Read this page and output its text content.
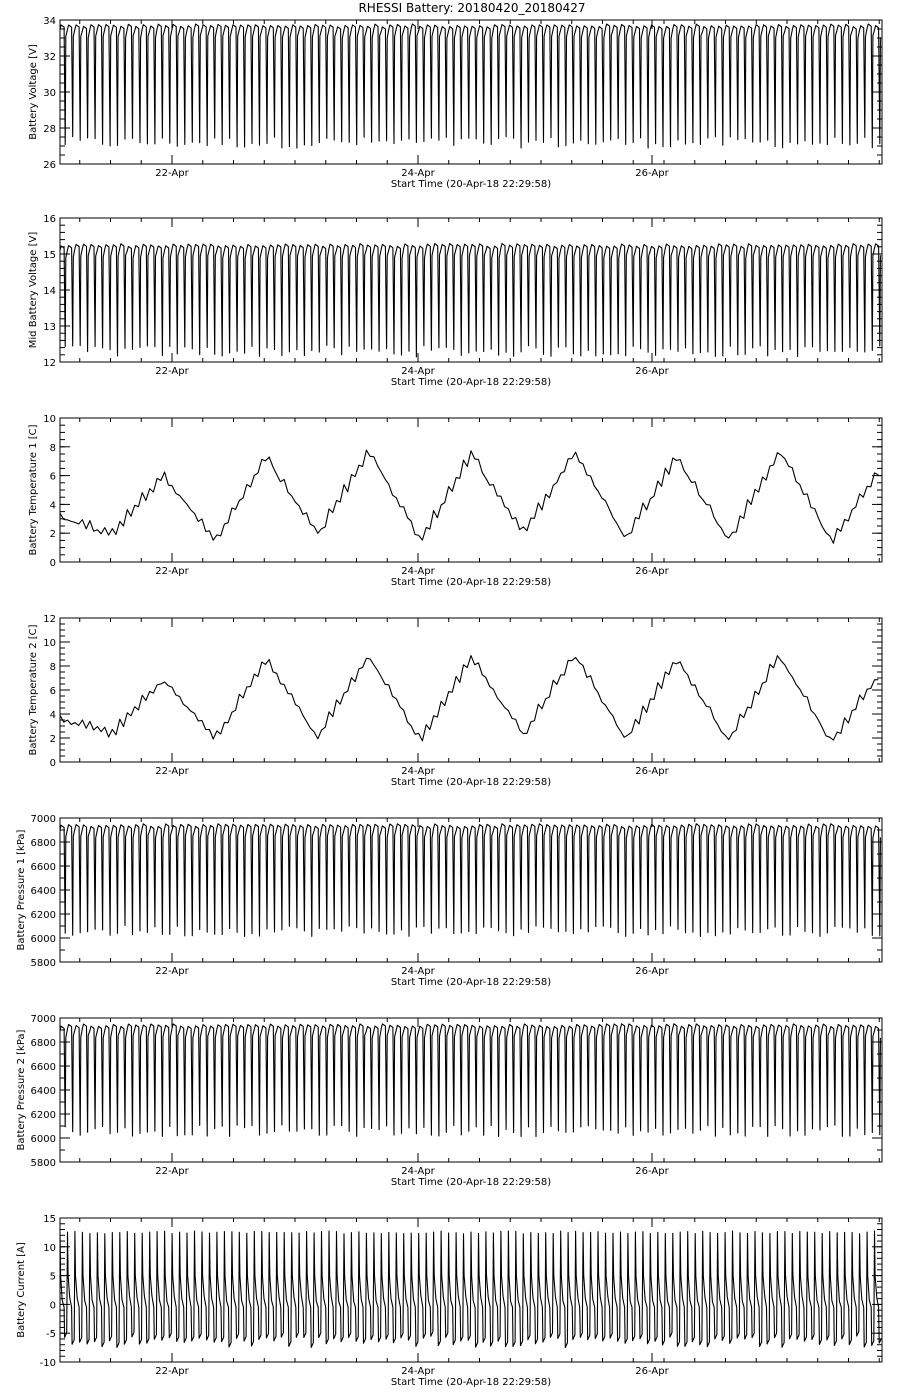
RHESSI Battery: 20180420_20180427
26
28
30
32
34
22-Apr	24-Apr	26-Apr
Start Time (20-Apr-18 22:29:58)
Battery Voltage [V]
12
13
14
15
16
22-Apr	24-Apr	26-Apr
Start Time (20-Apr-18 22:29:58)
Mid Battery Voltage [V]
0
2
4
6
8
10
22-Apr	24-Apr	26-Apr
Start Time (20-Apr-18 22:29:58)
Battery Temperature 1 [C]
0
2
4
6
8
10
12
22-Apr	24-Apr	26-Apr
Start Time (20-Apr-18 22:29:58)
Battery Temperature 2 [C]
5800
6000
6200
6400
6600
6800
7000
22-Apr	24-Apr	26-Apr
Start Time (20-Apr-18 22:29:58)
Battery Pressure 1 [kPa]
5800
6000
6200
6400
6600
6800
7000
22-Apr	24-Apr	26-Apr
Start Time (20-Apr-18 22:29:58)
Battery Pressure 2 [kPa]
-10
-5
0
5
10
15
22-Apr	24-Apr	26-Apr
Start Time (20-Apr-18 22:29:58)
Battery Current [A]
